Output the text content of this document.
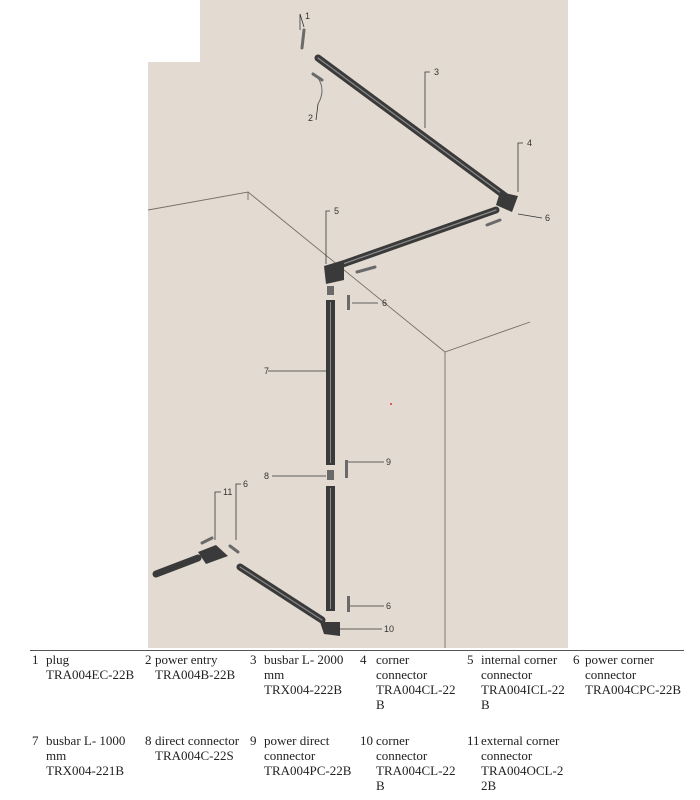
1
2
3
4
5
6
6
7
8
9
6
10
11
6
1 plug
TRA004EC-22B
2 power entry
TRA004B-22B
3 busbar L- 2000 mm
TRX004-222B
4 corner connector
TRA004CL-22B
5 internal corner connector
TRA004ICL-22B
6 power corner connector
TRA004CPC-22B
7 busbar L- 1000 mm
TRX004-221B
8 direct connector
TRA004C-22S
9 power direct connector
TRA004PC-22B
10 corner connector
TRA004CL-22B
11 external corner connector
TRA004OCL-22B
